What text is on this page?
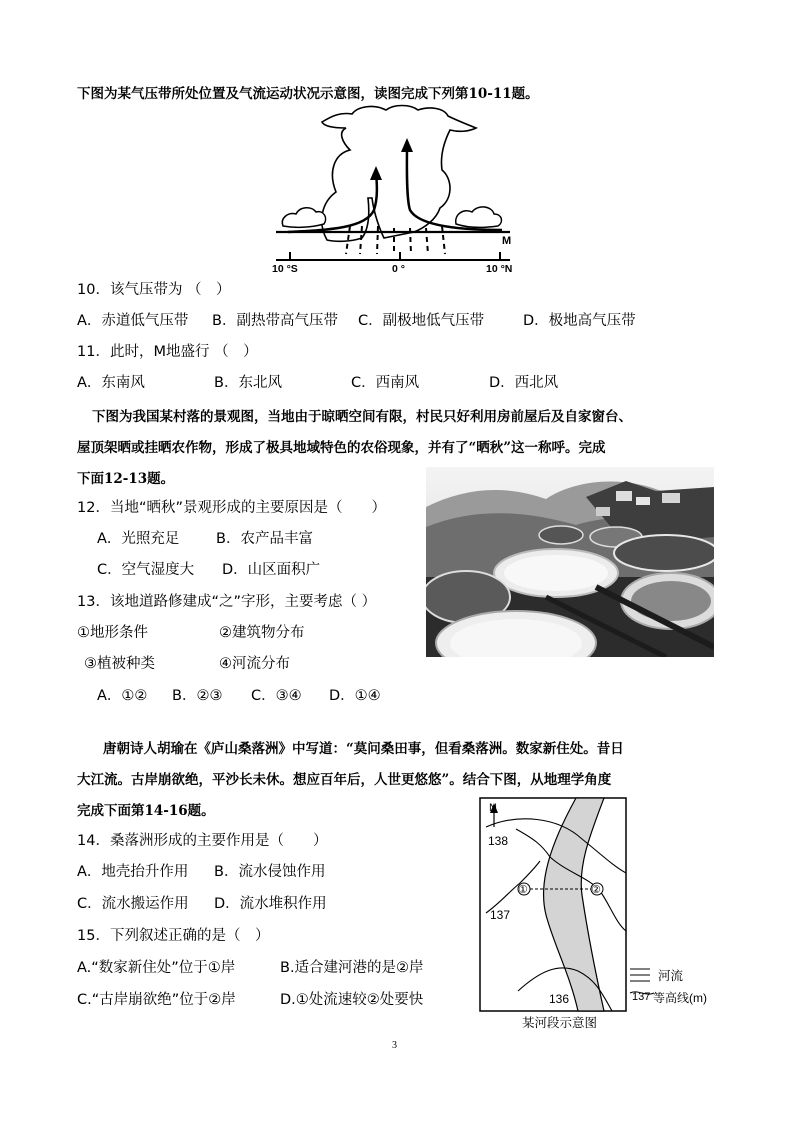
下图为某气压带所处位置及气流运动状况示意图，读图完成下列第10-11题。
M
10 °S	0 °	10 °N
10．该气压带为 （　）
A．赤道低气压带 B．副热带高气压带 C．副极地低气压带	D．极地高气压带
11．此时，M地盛行 （　）
A．东南风	B．东北风	C．西南风	D．西北风
下图为我国某村落的景观图，当地由于晾晒空间有限，村民只好利用房前屋后及自家窗台、
屋顶架晒或挂晒农作物，形成了极具地域特色的农俗现象，并有了“晒秋”这一称呼。完成
下面12-13题。
12．当地“晒秋”景观形成的主要原因是（　　）
A．光照充足	B．农产品丰富
C．空气湿度大 D．山区面积广
13．该地道路修建成“之”字形，主要考虑（ ）
①地形条件	②建筑物分布
③植被种类	④河流分布
A．①② B．②③ C．③④ D．①④
唐朝诗人胡瑜在《庐山桑落洲》中写道：“莫问桑田事，但看桑落洲。数家新住处。昔日
大江流。古岸崩欲绝，平沙长未休。想应百年后，人世更悠悠”。结合下图，从地理学角度
完成下面第14-16题。
14．桑落洲形成的主要作用是（　　）
A．地壳抬升作用 B．流水侵蚀作用
C．流水搬运作用 D．流水堆积作用
15．下列叙述正确的是（　）
A.“数家新住处”位于①岸	B.适合建河港的是②岸
C.“古岸崩欲绝”位于②岸	D.①处流速较②处要快
①	②
N
138
137
136
河流
137 等高线(m)
某河段示意图
3
